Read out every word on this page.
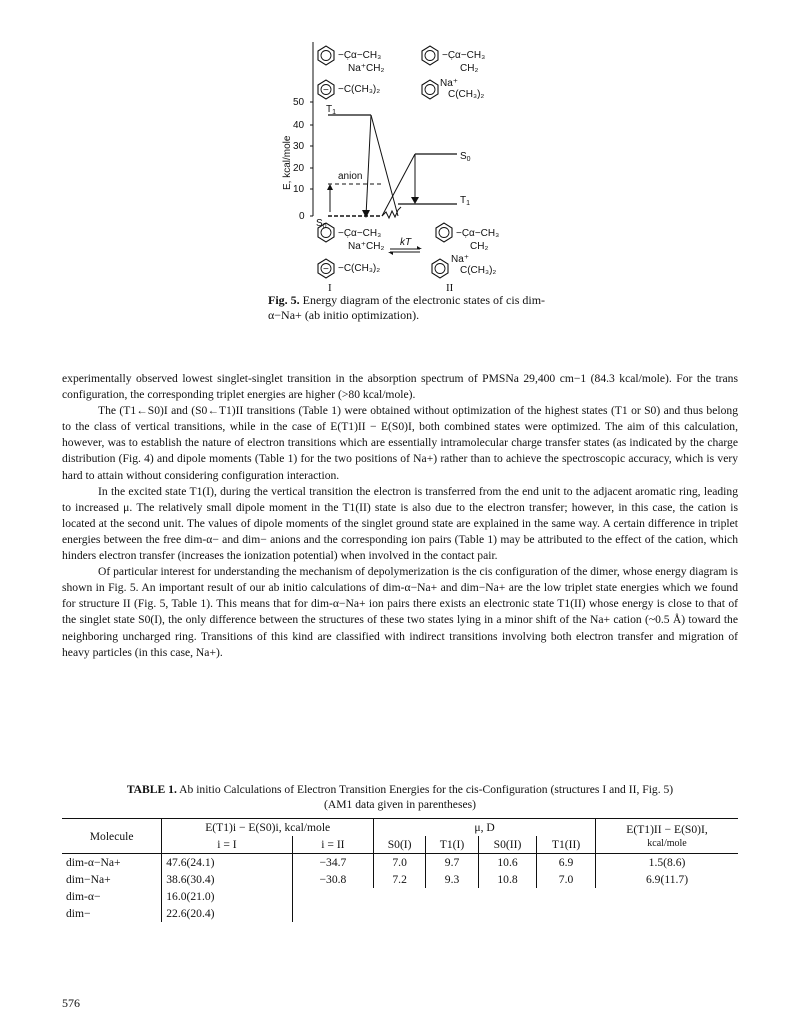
−C̣α−CH₃
Na⁺CH₂
− −C(CH₃)₂
−C̣α−CH₃
CH₂
Na⁺
C(CH₃)₂
0
10
20
30
40
50
E, kcal/mole
$T_1$
$S_0$
$T_1$
$S_0$
anion
−C̣α−CH₃
Na⁺CH₂
− −C(CH₃)₂
kT
−C̣α−CH₃
CH₂
Na⁺
C(CH₃)₂
I	II
Fig. 5. Energy diagram of the electronic states of cis dim-α−Na+ (ab initio optimization).

experimentally observed lowest singlet-singlet transition in the absorption spectrum of PMSNa 29,400 cm−1 (84.3 kcal/mole). For the trans configuration, the corresponding triplet energies are higher (>80 kcal/mole).

The (T1←S0)I and (S0←T1)II transitions (Table 1) were obtained without optimization of the highest states (T1 or S0) and thus belong to the class of vertical transitions, while in the case of E(T1)II − E(S0)I, both combined states were optimized. The aim of this calculation, however, was to establish the nature of electron transitions which are essentially intramolecular charge transfer states (as indicated by the charge distribution (Fig. 4) and dipole moments (Table 1) for the two positions of Na+) rather than to achieve the spectroscopic accuracy, which is very hard to attain without considering configuration interaction.

In the excited state T1(I), during the vertical transition the electron is transferred from the end unit to the adjacent aromatic ring, leading to increased μ. The relatively small dipole moment in the T1(II) state is also due to the electron transfer; however, in this case, the cation is located at the second unit. The values of dipole moments of the singlet ground state are explained in the same way. A certain difference in triplet energies between the free dim-α− and dim− anions and the corresponding ion pairs (Table 1) may be attributed to the effect of the cation, which hinders electron transfer (increases the ionization potential) when involved in the contact pair.

Of particular interest for understanding the mechanism of depolymerization is the cis configuration of the dimer, whose energy diagram is shown in Fig. 5. An important result of our ab initio calculations of dim-α−Na+ and dim−Na+ are the low triplet state energies which we found for structure II (Fig. 5, Table 1). This means that for dim-α−Na+ ion pairs there exists an electronic state T1(II) whose energy is close to that of the singlet state S0(I), the only difference between the structures of these two states lying in a minor shift of the Na+ cation (~0.5 Å) toward the neighboring uncharged ring. Transitions of this kind are classified with indirect transitions involving both electron transfer and migration of heavy particles (in this case, Na+).

TABLE 1. Ab initio Calculations of Electron Transition Energies for the cis-Configuration (structures I and II, Fig. 5)
(AM1 data given in parentheses)
Molecule	E(T1)i − E(S0)i, kcal/mole		μ, D				E(T1)II − E(S0)I,
kcal/mole
	i = I	i = II	S0(I)	T1(I)	S0(II)	T1(II)	
dim-α−Na+	47.6(24.1)	−34.7	7.0	9.7	10.6	6.9	1.5(8.6)
dim−Na+	38.6(30.4)	−30.8	7.2	9.3	10.8	7.0	6.9(11.7)
dim-α−	16.0(21.0)						
dim−	22.6(20.4)						
576
